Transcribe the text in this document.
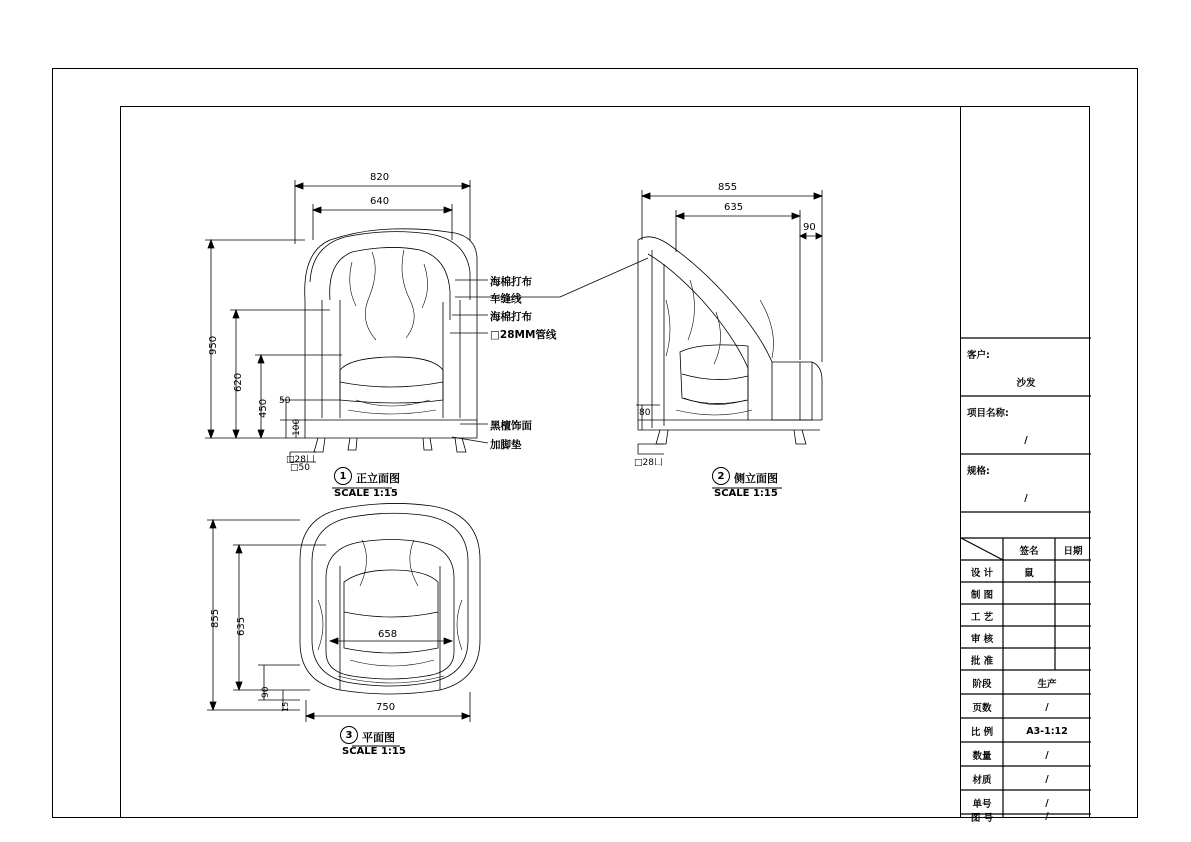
820
640
950
620
450 50
100
□28凵
□50
855
635
90
80
□28凵
855 635
90
15
658
750
海棉打布
车缝线
海棉打布
□28MM管线
黑檀饰面
加脚垫
1 正立面图
SCALE 1:15
2 侧立面图
SCALE 1:15
3 平面图
SCALE 1:15
客户:
沙发
项目名称:
/
规格:
/
签名	日期
设 计	鼠
制 图
工 艺
审 核
批 准
阶段	生产
页数	/
比 例	A3-1:12
数量	/
材质	/
单号	/
图 号	/
